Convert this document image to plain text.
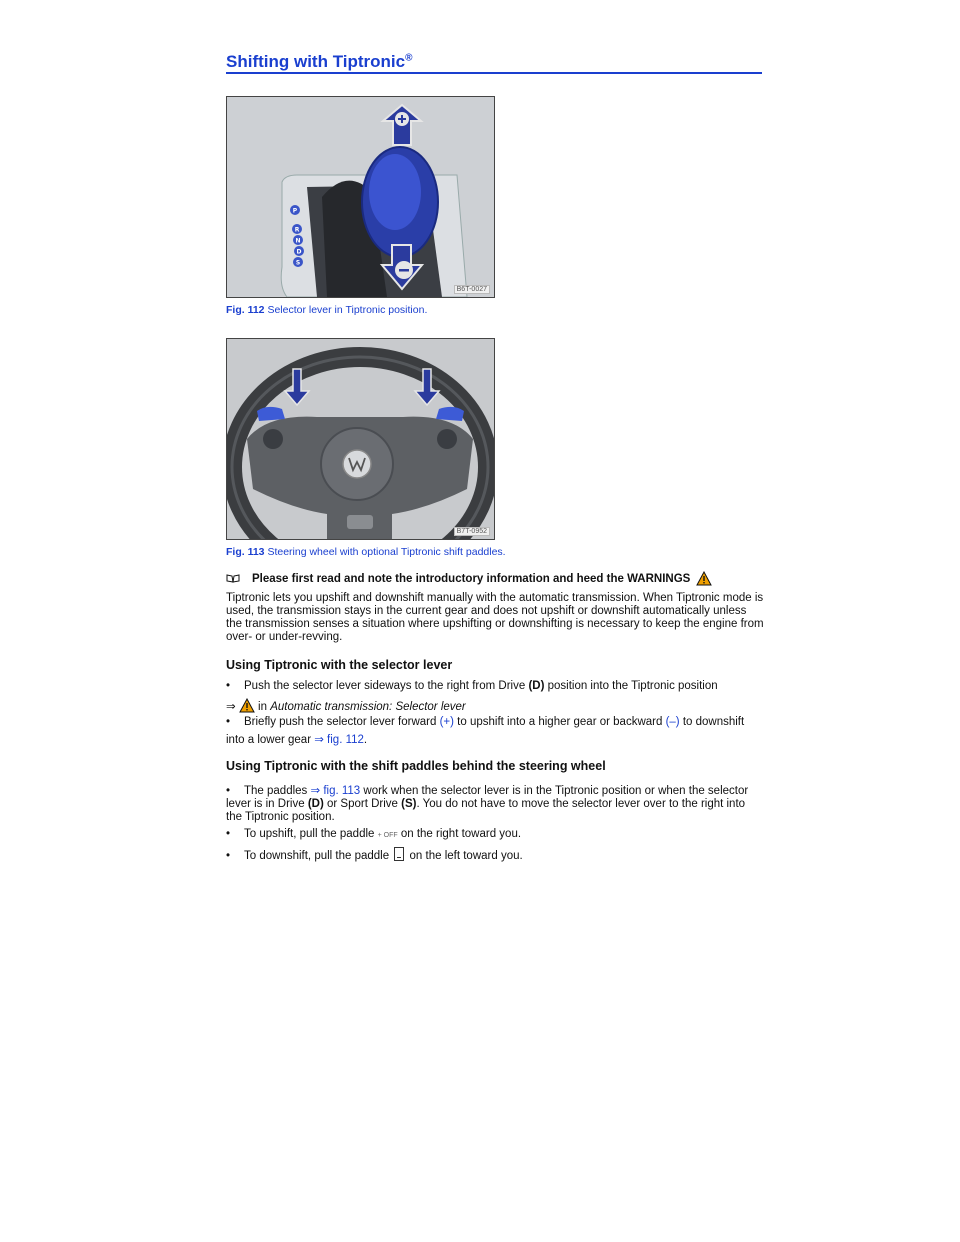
Shifting with Tiptronic®
P
R
N
D
S
B6T-0027
Fig. 112 Selector lever in Tiptronic position.
B7T-0952
Fig. 113 Steering wheel with optional Tiptronic shift paddles.
Please first read and note the introductory information and heed the WARNINGS

Tiptronic lets you upshift and downshift manually with the automatic transmission. When Tiptronic mode is used, the transmission stays in the current gear and does not upshift or downshift automatically unless the transmission senses a situation where upshifting or downshifting is necessary to keep the engine from over- or under-revving.

Using Tiptronic with the selector lever
• Push the selector lever sideways to the right from Drive (D) position into the Tiptronic position
⇒  in Automatic transmission: Selector lever
• Briefly push the selector lever forward (+) to upshift into a higher gear or backward (–) to downshift
into a lower gear ⇒ fig. 112.
Using Tiptronic with the shift paddles behind the steering wheel
• The paddles ⇒ fig. 113 work when the selector lever is in the Tiptronic position or when the selector lever is in Drive (D) or Sport Drive (S). You do not have to move the selector lever over to the right into the Tiptronic position.
• To upshift, pull the paddle + OFF on the right toward you.
• To downshift, pull the paddle  on the left toward you.
